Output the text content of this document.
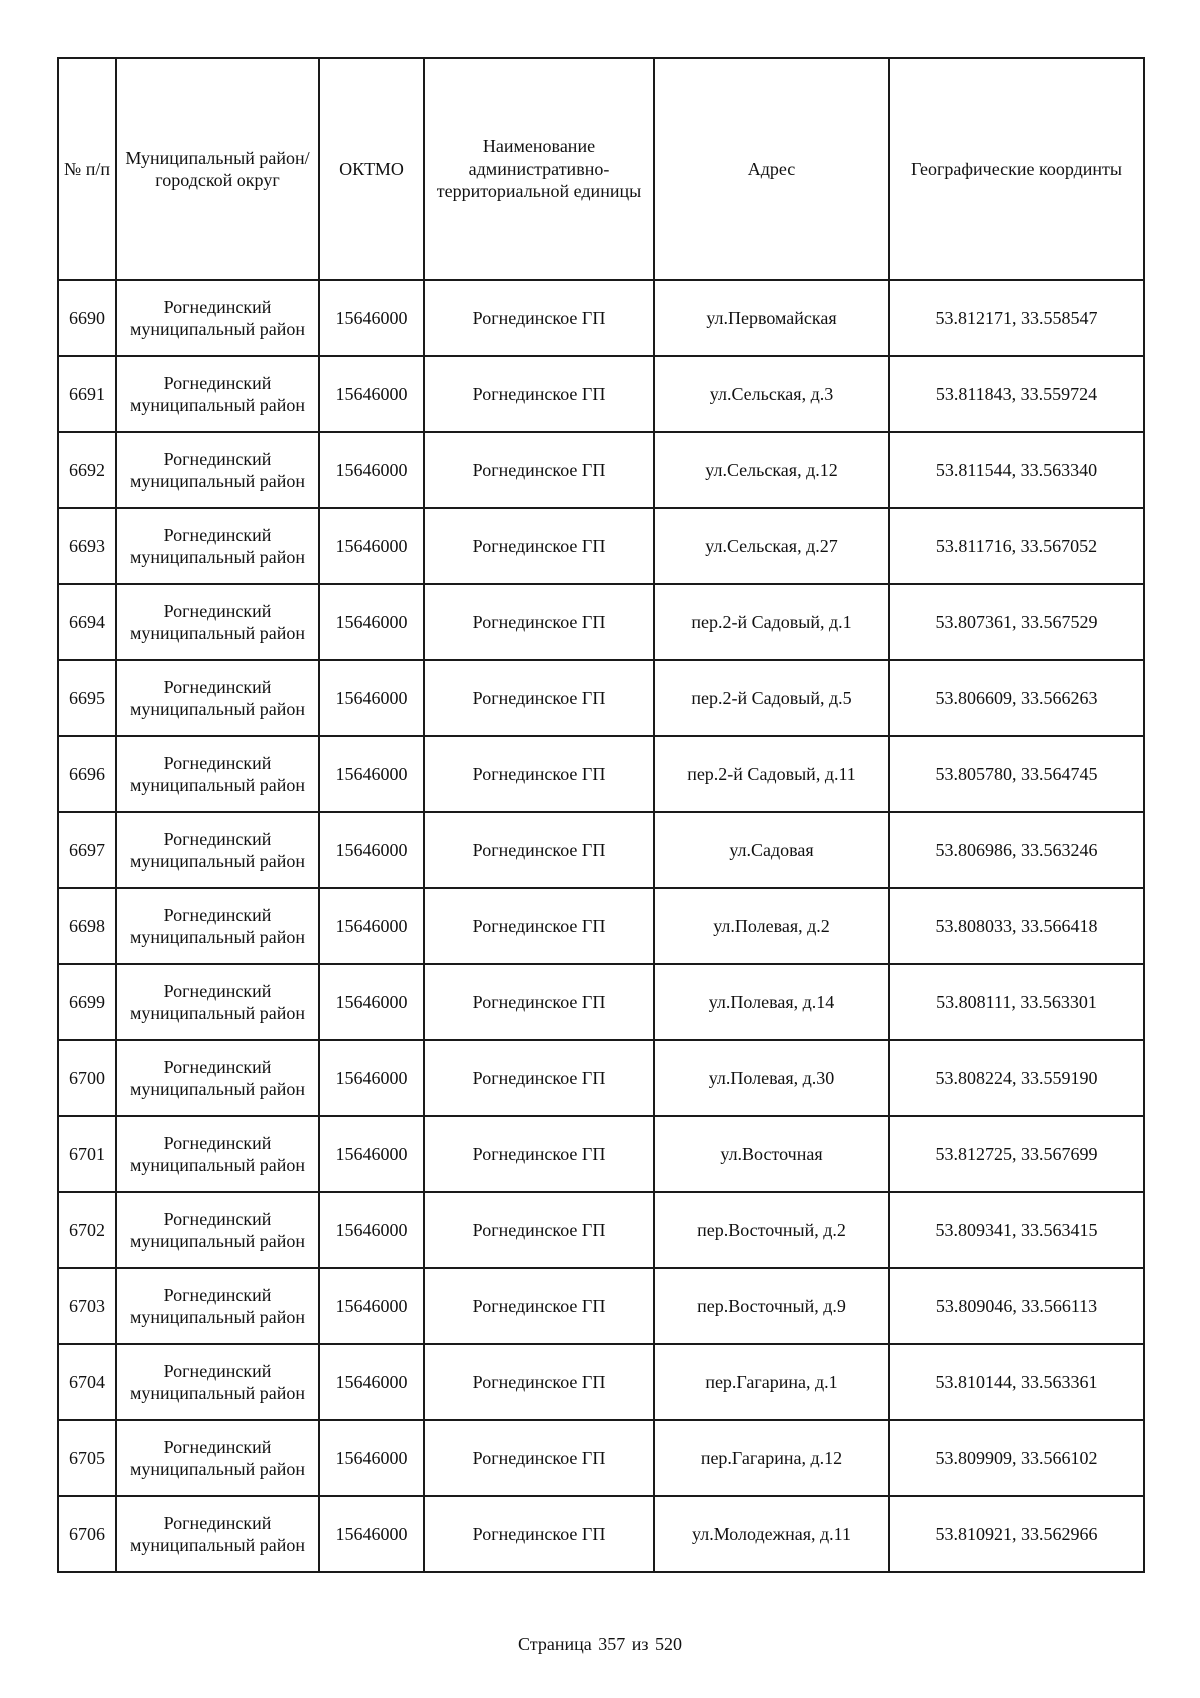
№ п/п	Муниципальный район/городской округ	ОКТМО	Наименование административно-территориальной единицы	Адрес	Географические координты
6690	Рогнединский муниципальный район	15646000	Рогнединское ГП	ул.Первомайская	53.812171, 33.558547
6691	Рогнединский муниципальный район	15646000	Рогнединское ГП	ул.Сельская, д.3	53.811843, 33.559724
6692	Рогнединский муниципальный район	15646000	Рогнединское ГП	ул.Сельская, д.12	53.811544, 33.563340
6693	Рогнединский муниципальный район	15646000	Рогнединское ГП	ул.Сельская, д.27	53.811716, 33.567052
6694	Рогнединский муниципальный район	15646000	Рогнединское ГП	пер.2-й Садовый, д.1	53.807361, 33.567529
6695	Рогнединский муниципальный район	15646000	Рогнединское ГП	пер.2-й Садовый, д.5	53.806609, 33.566263
6696	Рогнединский муниципальный район	15646000	Рогнединское ГП	пер.2-й Садовый, д.11	53.805780, 33.564745
6697	Рогнединский муниципальный район	15646000	Рогнединское ГП	ул.Садовая	53.806986, 33.563246
6698	Рогнединский муниципальный район	15646000	Рогнединское ГП	ул.Полевая, д.2	53.808033, 33.566418
6699	Рогнединский муниципальный район	15646000	Рогнединское ГП	ул.Полевая, д.14	53.808111, 33.563301
6700	Рогнединский муниципальный район	15646000	Рогнединское ГП	ул.Полевая, д.30	53.808224, 33.559190
6701	Рогнединский муниципальный район	15646000	Рогнединское ГП	ул.Восточная	53.812725, 33.567699
6702	Рогнединский муниципальный район	15646000	Рогнединское ГП	пер.Восточный, д.2	53.809341, 33.563415
6703	Рогнединский муниципальный район	15646000	Рогнединское ГП	пер.Восточный, д.9	53.809046, 33.566113
6704	Рогнединский муниципальный район	15646000	Рогнединское ГП	пер.Гагарина, д.1	53.810144, 33.563361
6705	Рогнединский муниципальный район	15646000	Рогнединское ГП	пер.Гагарина, д.12	53.809909, 33.566102
6706	Рогнединский муниципальный район	15646000	Рогнединское ГП	ул.Молодежная, д.11	53.810921, 33.562966
Страница 357 из 520
